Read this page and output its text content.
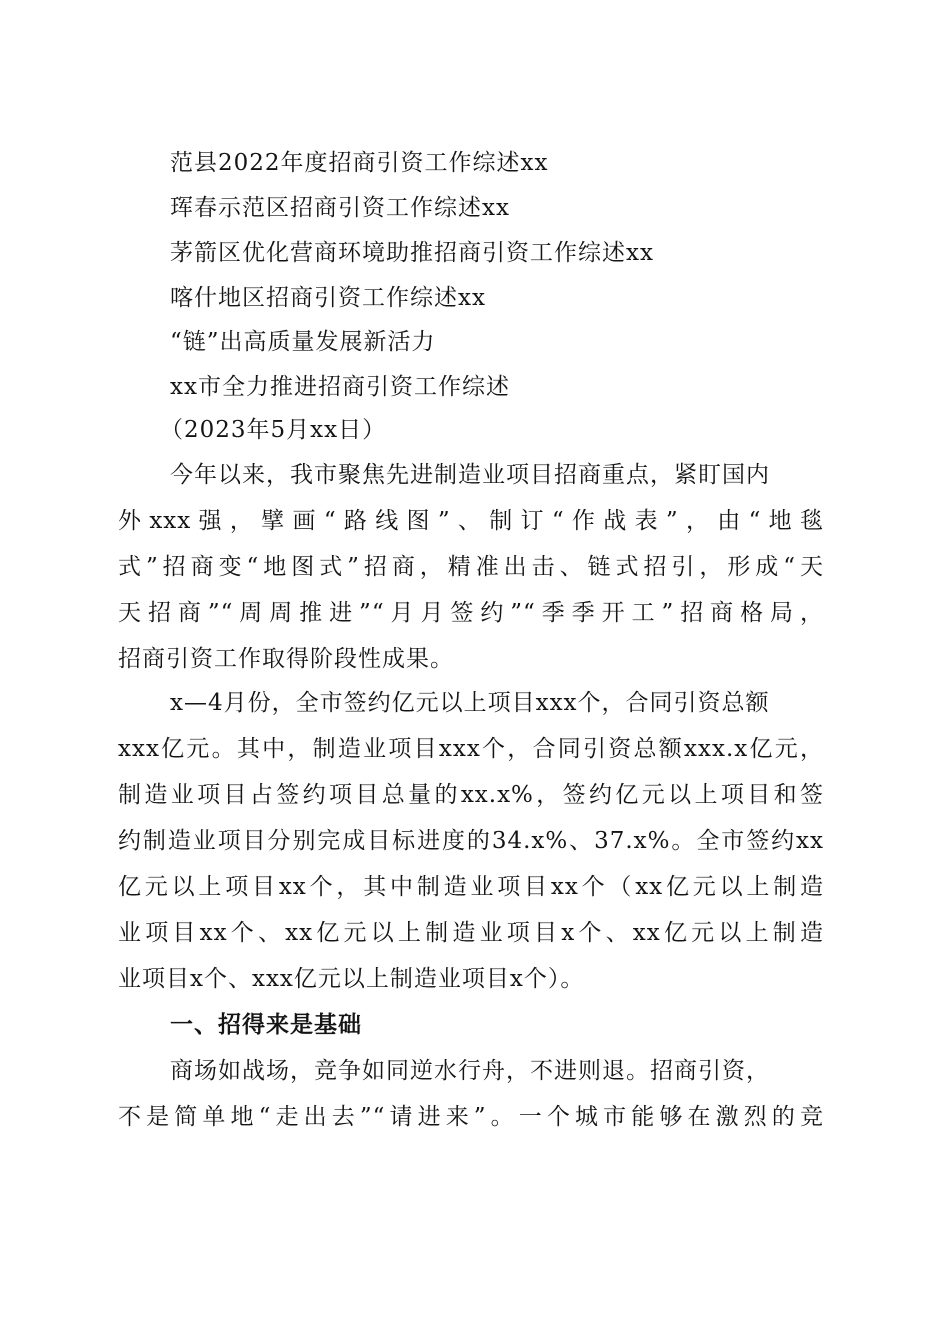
范县2022年度招商引资工作综述xx
珲春示范区招商引资工作综述xx
茅箭区优化营商环境助推招商引资工作综述xx
喀什地区招商引资工作综述xx
“链”出高质量发展新活力
xx市全力推进招商引资工作综述
（2023年5月xx日）
今年以来，我市聚焦先进制造业项目招商重点，紧盯国内
外xxx强，擘画“路线图”、制订“作战表”，由“地毯
式”招商变“地图式”招商，精准出击、链式招引，形成“天
天招商”“周周推进”“月月签约”“季季开工”招商格局，
招商引资工作取得阶段性成果。
x—4月份，全市签约亿元以上项目xxx个，合同引资总额
xxx亿元。其中，制造业项目xxx个，合同引资总额xxx.x亿元，
制造业项目占签约项目总量的xx.x%，签约亿元以上项目和签
约制造业项目分别完成目标进度的34.x%、37.x%。全市签约xx
亿元以上项目xx个，其中制造业项目xx个（xx亿元以上制造
业项目xx个、xx亿元以上制造业项目x个、xx亿元以上制造
业项目x个、xxx亿元以上制造业项目x个）。
一、招得来是基础
商场如战场，竞争如同逆水行舟，不进则退。招商引资，
不是简单地“走出去”“请进来”。一个城市能够在激烈的竞
